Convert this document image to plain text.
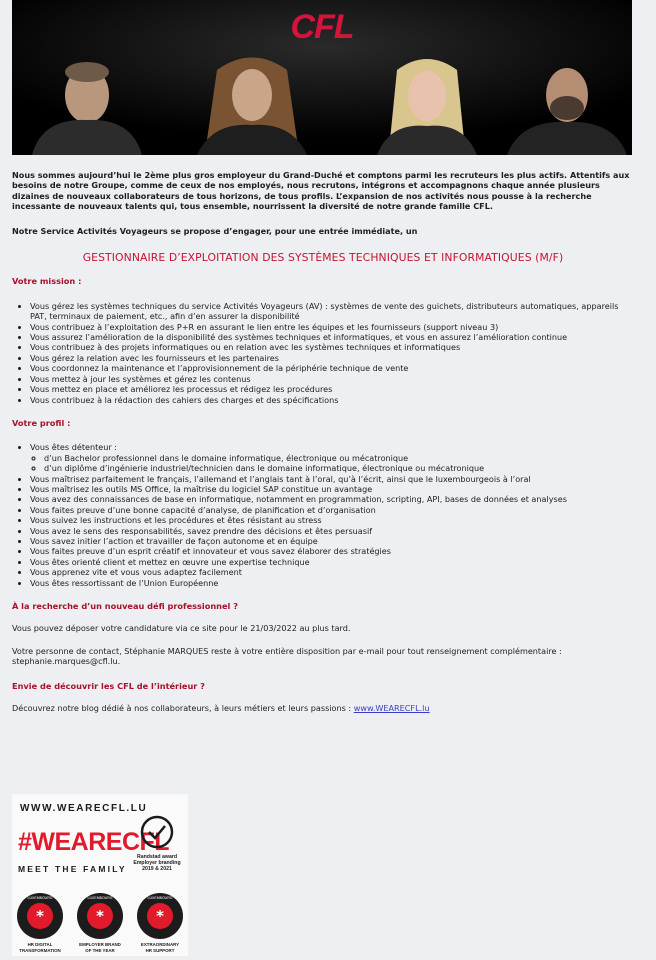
CFL

Nous sommes aujourd’hui le 2ème plus gros employeur du Grand-Duché et comptons parmi les recruteurs les plus actifs. Attentifs aux besoins de notre Groupe, comme de ceux de nos employés, nous recrutons, intégrons et accompagnons chaque année plusieurs dizaines de nouveaux collaborateurs de tous horizons, de tous profils. L’expansion de nos activités nous pousse à la recherche incessante de nouveaux talents qui, tous ensemble, nourrissent la diversité de notre grande famille CFL.

Notre Service Activités Voyageurs se propose d’engager, pour une entrée immédiate, un

GESTIONNAIRE D’EXPLOITATION DES SYSTÈMES TECHNIQUES ET INFORMATIQUES (M/F)

Votre mission :

• Vous gérez les systèmes techniques du service Activités Voyageurs (AV) : systèmes de vente des guichets, distributeurs automatiques, appareils PAT, terminaux de paiement, etc., afin d’en assurer la disponibilité
• Vous contribuez à l’exploitation des P+R en assurant le lien entre les équipes et les fournisseurs (support niveau 3)
• Vous assurez l’amélioration de la disponibilité des systèmes techniques et informatiques, et vous en assurez l’amélioration continue
• Vous contribuez à des projets informatiques ou en relation avec les systèmes techniques et informatiques
• Vous gérez la relation avec les fournisseurs et les partenaires
• Vous coordonnez la maintenance et l’approvisionnement de la périphérie technique de vente
• Vous mettez à jour les systèmes et gérez les contenus
• Vous mettez en place et améliorez les processus et rédigez les procédures
• Vous contribuez à la rédaction des cahiers des charges et des spécifications

Votre profil :

• Vous êtes détenteur :
◦ d’un Bachelor professionnel dans le domaine informatique, électronique ou mécatronique
◦ d’un diplôme d’ingénierie industriel/technicien dans le domaine informatique, électronique ou mécatronique
• Vous maîtrisez parfaitement le français, l’allemand et l’anglais tant à l’oral, qu’à l’écrit, ainsi que le luxembourgeois à l’oral
• Vous maîtrisez les outils MS Office, la maîtrise du logiciel SAP constitue un avantage
• Vous avez des connaissances de base en informatique, notamment en programmation, scripting, API, bases de données et analyses
• Vous faites preuve d’une bonne capacité d’analyse, de planification et d’organisation
• Vous suivez les instructions et les procédures et êtes résistant au stress
• Vous avez le sens des responsabilités, savez prendre des décisions et êtes persuasif
• Vous savez initier l’action et travailler de façon autonome et en équipe
• Vous faites preuve d’un esprit créatif et innovateur et vous savez élaborer des stratégies
• Vous êtes orienté client et mettez en œuvre une expertise technique
• Vous apprenez vite et vous vous adaptez facilement
• Vous êtes ressortissant de l’Union Européenne

À la recherche d’un nouveau défi professionnel ?

Vous pouvez déposer votre candidature via ce site pour le 21/03/2022 au plus tard.

Votre personne de contact, Stéphanie MARQUES reste à votre entière disposition par e-mail pour tout renseignement complémentaire : stephanie.marques@cfl.lu.

Envie de découvrir les CFL de l’intérieur ?

Découvrez notre blog dédié à nos collaborateurs, à leurs métiers et leurs passions : www.WEARECFL.lu

WWW.WEARECFL.LU
#WEARECFL
MEET THE FAMILY
Randstad award
Employer branding
2019 & 2021
*
LUXEMBOURG
HR DIGITAL
TRANSFORMATION
*
LUXEMBOURG
EMPLOYER BRAND
OF THE YEAR
*
LUXEMBOURG
EXTRAORDINARY
HR SUPPORT
